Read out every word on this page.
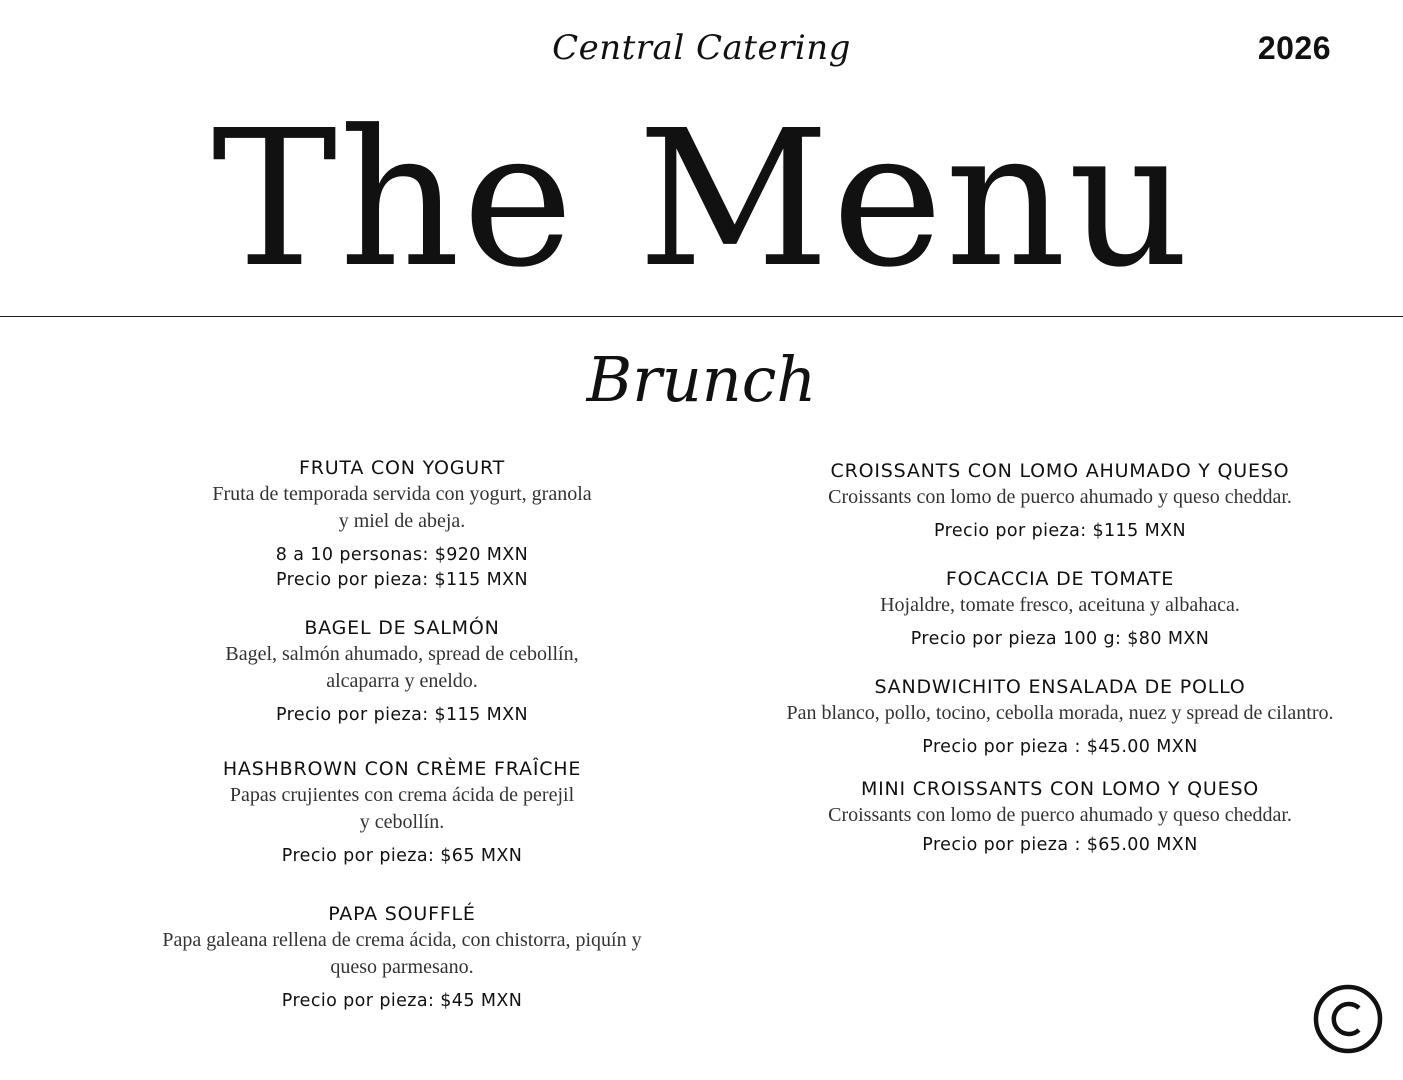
Central Catering	2026
The Menu
Brunch
FRUTA CON YOGURT
Fruta de temporada servida con yogurt, granola
y miel de abeja.
8 a 10 personas: $920 MXN
Precio por pieza: $115 MXN
BAGEL DE SALMÓN
Bagel, salmón ahumado, spread de cebollín,
alcaparra y eneldo.
Precio por pieza: $115 MXN
HASHBROWN CON CRÈME FRAÎCHE
Papas crujientes con crema ácida de perejil
y cebollín.
Precio por pieza: $65 MXN
PAPA SOUFFLÉ
Papa galeana rellena de crema ácida, con chistorra, piquín y
queso parmesano.
Precio por pieza: $45 MXN
CROISSANTS CON LOMO AHUMADO Y QUESO
Croissants con lomo de puerco ahumado y queso cheddar.
Precio por pieza: $115 MXN
FOCACCIA DE TOMATE
Hojaldre, tomate fresco, aceituna y albahaca.
Precio por pieza 100 g: $80 MXN
SANDWICHITO ENSALADA DE POLLO
Pan blanco, pollo, tocino, cebolla morada, nuez y spread de cilantro.
Precio por pieza : $45.00 MXN
MINI CROISSANTS CON LOMO Y QUESO
Croissants con lomo de puerco ahumado y queso cheddar.
Precio por pieza : $65.00 MXN
